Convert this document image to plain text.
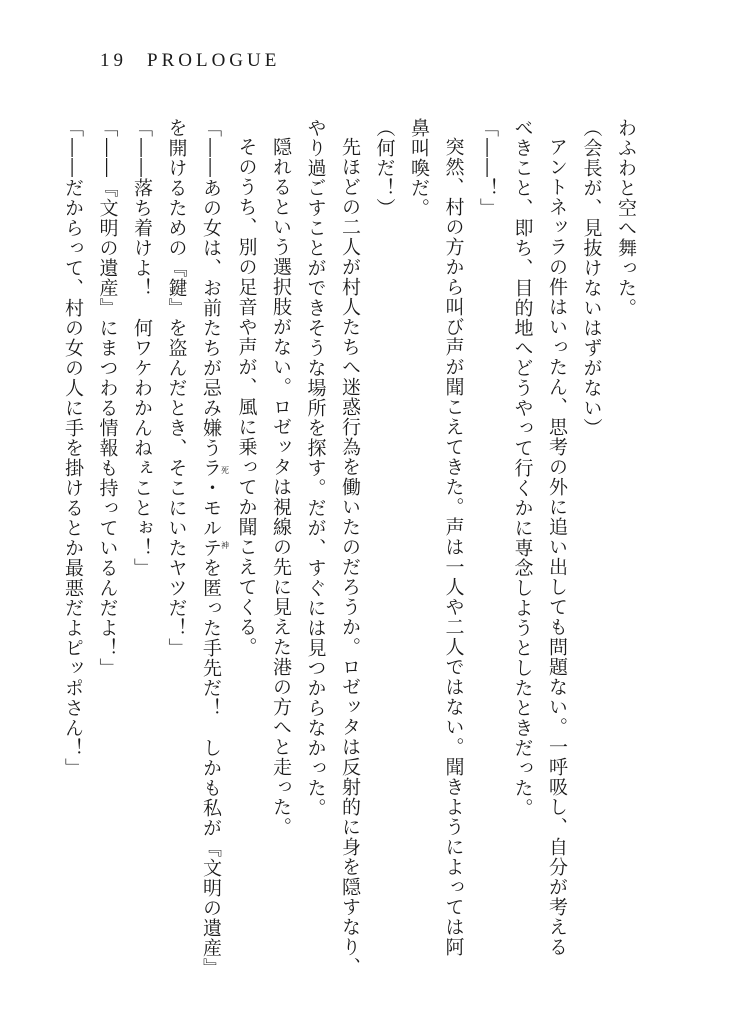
19 PROLOGUE

わふわと空へ舞った。

（会長が、見抜けないはずがない）

アントネッラの件はいったん、思考の外に追い出しても問題ない。一呼吸し、自分が考える

べきこと、即ち、目的地へどうやって行くかに専念しようとしたときだった。

「――！」

突然、村の方から叫び声が聞こえてきた。声は一人や二人ではない。聞きようによっては阿

鼻叫喚だ。

（何だ！）

先ほどの二人が村人たちへ迷惑行為を働いたのだろうか。ロゼッタは反射的に身を隠すなり、

やり過ごすことができそうな場所を探す。だが、すぐには見つからなかった。

隠れるという選択肢がない。ロゼッタは視線の先に見えた港の方へと走った。

そのうち、別の足音や声が、風に乗ってか聞こえてくる。

「――あの女は、お前たちが忌み嫌うラ・モルテ死神を匿った手先だ！　しかも私が『文明の遺産』

を開けるための『鍵』を盗んだとき、そこにいたヤツだ！」

「――落ち着けよ！　何ワケわかんねぇことぉ！」

「――『文明の遺産』にまつわる情報も持っているんだよ！」

「――だからって、村の女の人に手を掛けるとか最悪だよピッポさん！」
